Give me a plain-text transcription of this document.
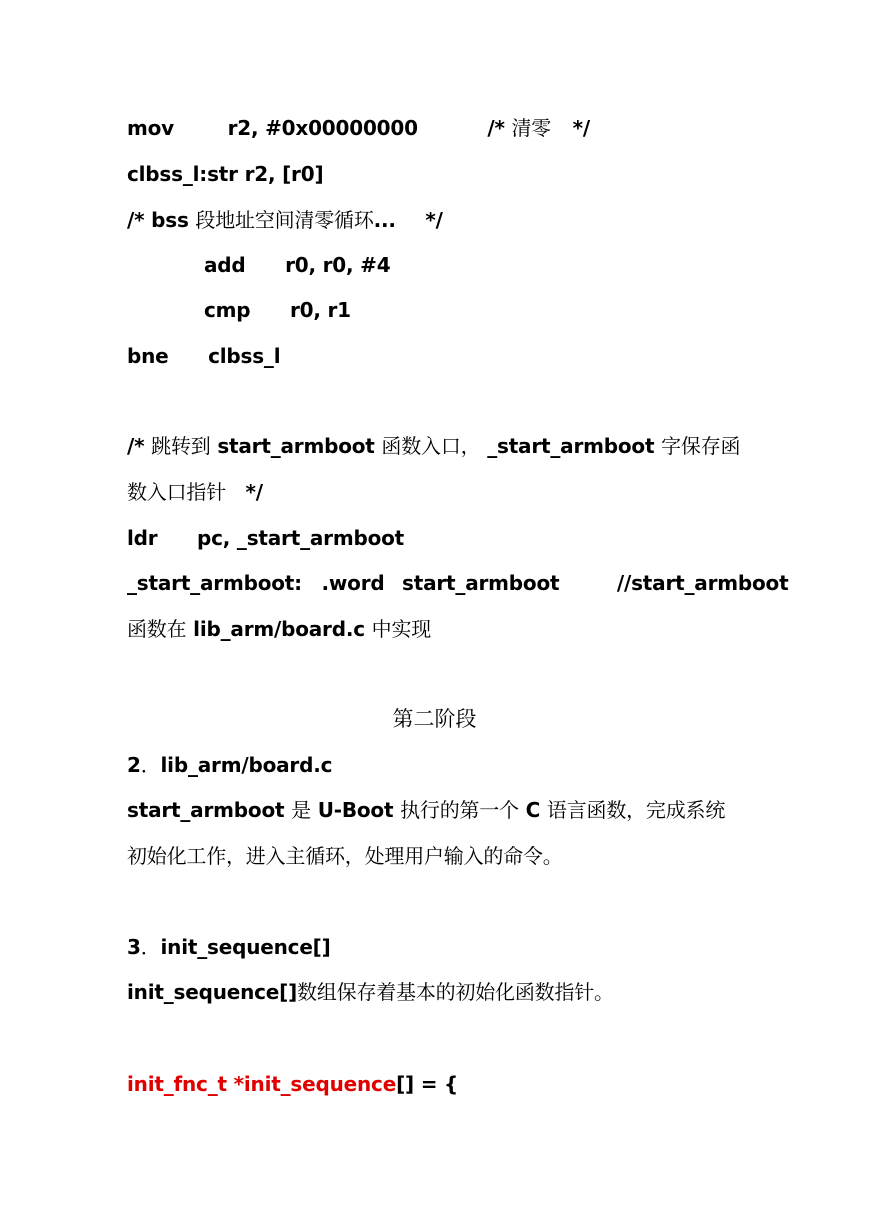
mov	r2, #0x00000000	/* 清零 */
clbss_l:str r2, [r0]
/* bss 段地址空间清零循环... */
add r0, r0, #4
cmp r0, r1
bne clbss_l
/* 跳转到 start_armboot 函数入口， _start_armboot 字保存函
数入口指针 */
ldr pc, _start_armboot
_start_armboot: .word start_armboot	//start_armboot
函数在 lib_arm/board.c 中实现
第二阶段
2．lib_arm/board.c
start_armboot 是 U-Boot 执行的第一个 C 语言函数，完成系统
初始化工作，进入主循环，处理用户输入的命令。
3．init_sequence[]
init_sequence[]数组保存着基本的初始化函数指针。
init_fnc_t *init_sequence[] = {
